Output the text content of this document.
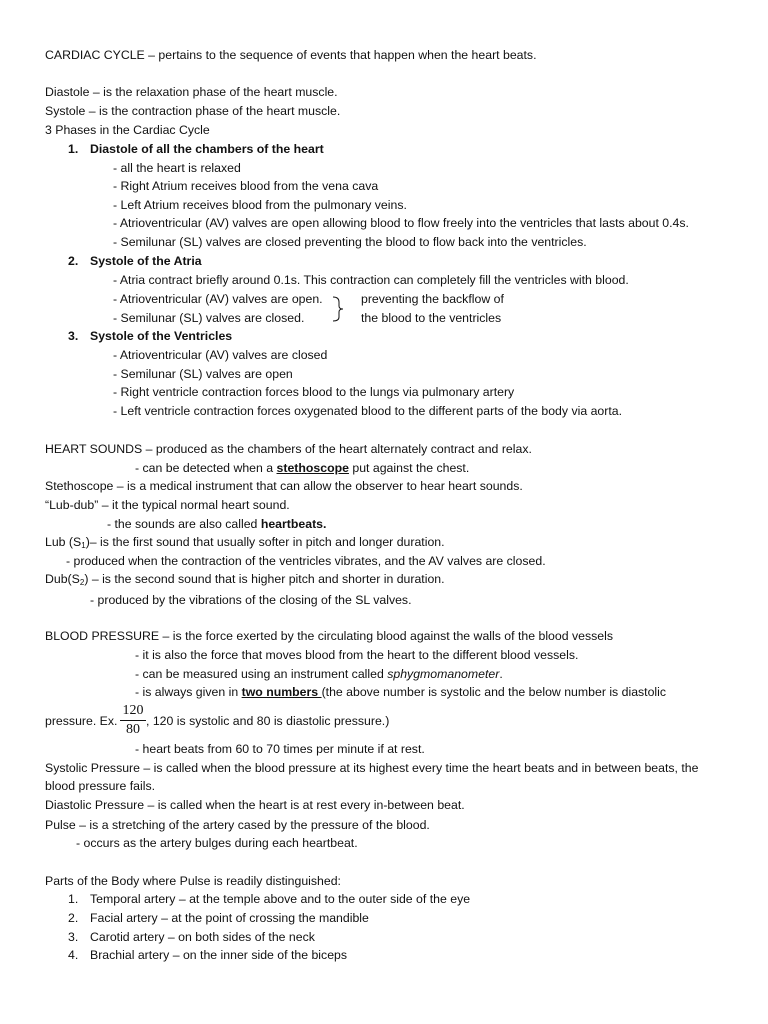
CARDIAC CYCLE – pertains to the sequence of events that happen when the heart beats.
Diastole – is the relaxation phase of the heart muscle.
Systole – is the contraction phase of the heart muscle.
3 Phases in the Cardiac Cycle
1. Diastole of all the chambers of the heart
- all the heart is relaxed
- Right Atrium receives blood from the vena cava
- Left Atrium receives blood from the pulmonary veins.
- Atrioventricular (AV) valves are open allowing blood to flow freely into the ventricles that lasts about 0.4s.
- Semilunar (SL) valves are closed preventing the blood to flow back into the ventricles.
2. Systole of the Atria
- Atria contract briefly around 0.1s. This contraction can completely fill the ventricles with blood.
- Atrioventricular (AV) valves are open.
- Semilunar (SL) valves are closed.
preventing the backflow of
the blood to the ventricles
3. Systole of the Ventricles
- Atrioventricular (AV) valves are closed
- Semilunar (SL) valves are open
- Right ventricle contraction forces blood to the lungs via pulmonary artery
- Left ventricle contraction forces oxygenated blood to the different parts of the body via aorta.
HEART SOUNDS – produced as the chambers of the heart alternately contract and relax.
- can be detected when a stethoscope put against the chest.
Stethoscope – is a medical instrument that can allow the observer to hear heart sounds.
“Lub-dub” – it the typical normal heart sound.
- the sounds are also called heartbeats.
Lub $(S_1)-$ is the first sound that usually softer in pitch and longer duration.
- produced when the contraction of the ventricles vibrates, and the AV valves are closed.
$Dub(S_2)$ – is the second sound that is higher pitch and shorter in duration.
- produced by the vibrations of the closing of the SL valves.
BLOOD PRESSURE – is the force exerted by the circulating blood against the walls of the blood vessels
- it is also the force that moves blood from the heart to the different blood vessels.
- can be measured using an instrument called sphygmomanometer.
- is always given in two numbers (the above number is systolic and the below number is diastolic
pressure. Ex.
120
80
, 120 is systolic and 80 is diastolic pressure.)
- heart beats from 60 to 70 times per minute if at rest.
Systolic Pressure – is called when the blood pressure at its highest every time the heart beats and in between beats, the
blood pressure fails.
Diastolic Pressure – is called when the heart is at rest every in-between beat.
Pulse – is a stretching of the artery cased by the pressure of the blood.
- occurs as the artery bulges during each heartbeat.
Parts of the Body where Pulse is readily distinguished:
1. Temporal artery – at the temple above and to the outer side of the eye
2. Facial artery – at the point of crossing the mandible
3. Carotid artery – on both sides of the neck
4. Brachial artery – on the inner side of the biceps
